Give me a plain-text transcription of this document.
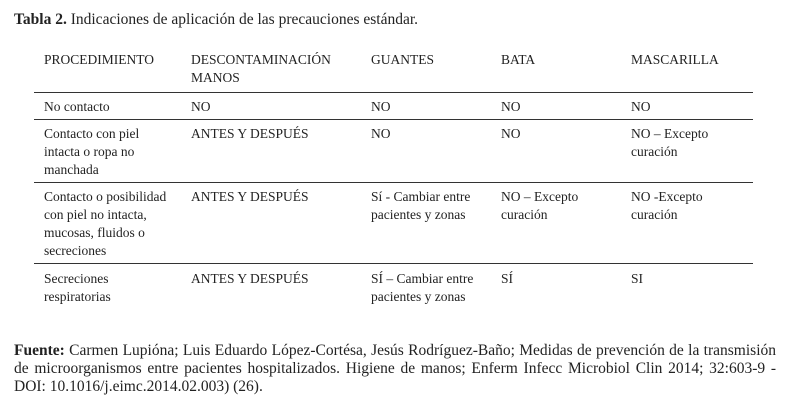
Tabla 2. Indicaciones de aplicación de las precauciones estándar.
PROCEDIMIENTO	DESCONTAMINACIÓN MANOS	GUANTES	BATA	MASCARILLA
No contacto	NO	NO	NO	NO
Contacto con piel intacta o ropa no manchada	ANTES Y DESPUÉS	NO	NO	NO – Excepto curación
Contacto o posibilidad con piel no intacta, mucosas, fluidos o secreciones	ANTES Y DESPUÉS	Sí - Cambiar entre pacientes y zonas	NO – Excepto curación	NO -Excepto curación
Secreciones respiratorias	ANTES Y DESPUÉS	SÍ – Cambiar entre pacientes y zonas	SÍ	SI
Fuente: Carmen Lupióna; Luis Eduardo López-Cortésa, Jesús Rodríguez-Baño; Medidas de prevención de la transmisión de microorganismos entre pacientes hospitalizados. Higiene de manos; Enferm Infecc Microbiol Clin 2014; 32:603-9 - DOI: 10.1016/j.eimc.2014.02.003) (26).
